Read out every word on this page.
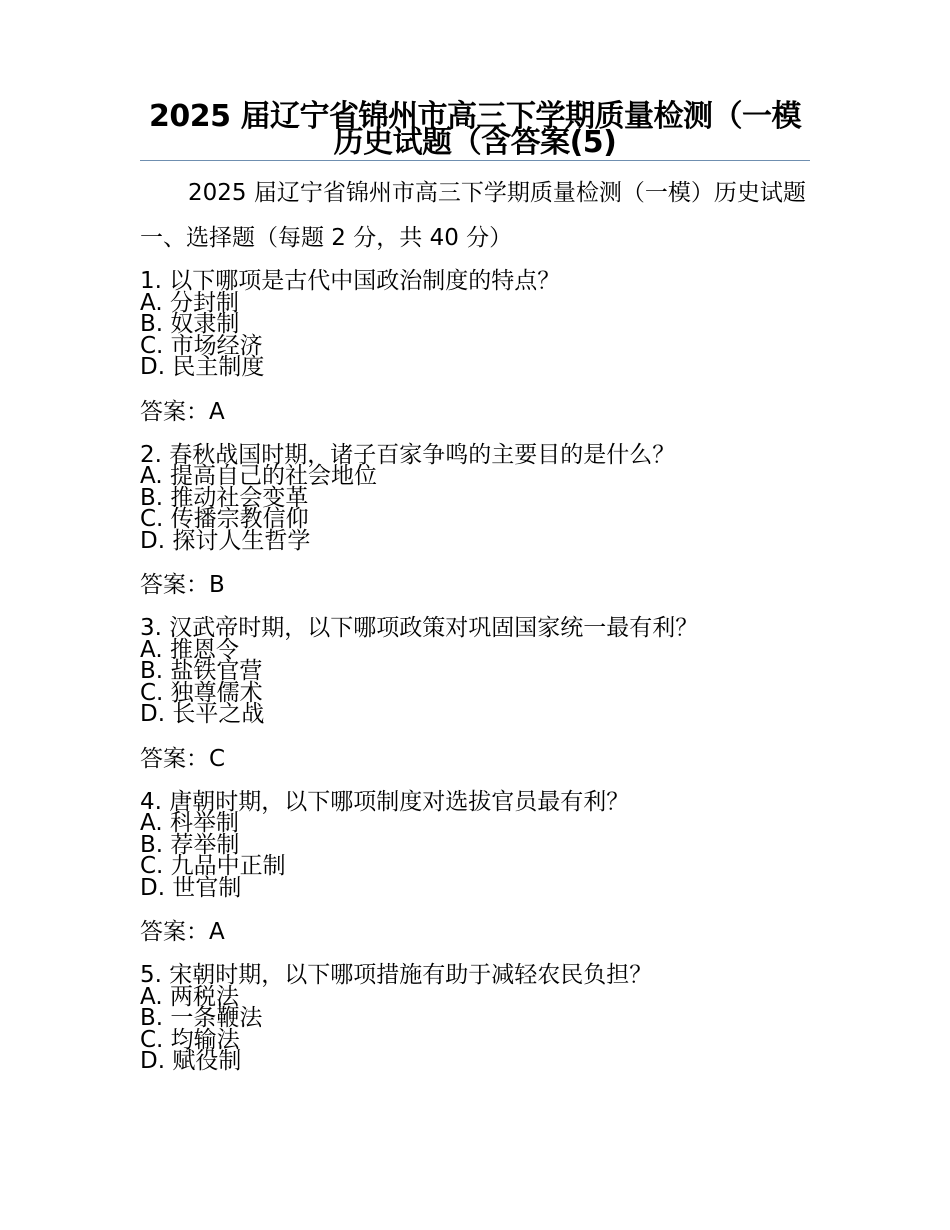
2025 届辽宁省锦州市高三下学期质量检测（一模历史试题（含答案(5)

2025 届辽宁省锦州市高三下学期质量检测（一模）历史试题

一、选择题（每题 2 分，共 40 分）

1. 以下哪项是古代中国政治制度的特点？

A. 分封制

B. 奴隶制

C. 市场经济

D. 民主制度

答案：A

2. 春秋战国时期，诸子百家争鸣的主要目的是什么？

A. 提高自己的社会地位

B. 推动社会变革

C. 传播宗教信仰

D. 探讨人生哲学

答案：B

3. 汉武帝时期，以下哪项政策对巩固国家统一最有利？

A. 推恩令

B. 盐铁官营

C. 独尊儒术

D. 长平之战

答案：C

4. 唐朝时期，以下哪项制度对选拔官员最有利？

A. 科举制

B. 荐举制

C. 九品中正制

D. 世官制

答案：A

5. 宋朝时期，以下哪项措施有助于减轻农民负担？

A. 两税法

B. 一条鞭法

C. 均输法

D. 赋役制
